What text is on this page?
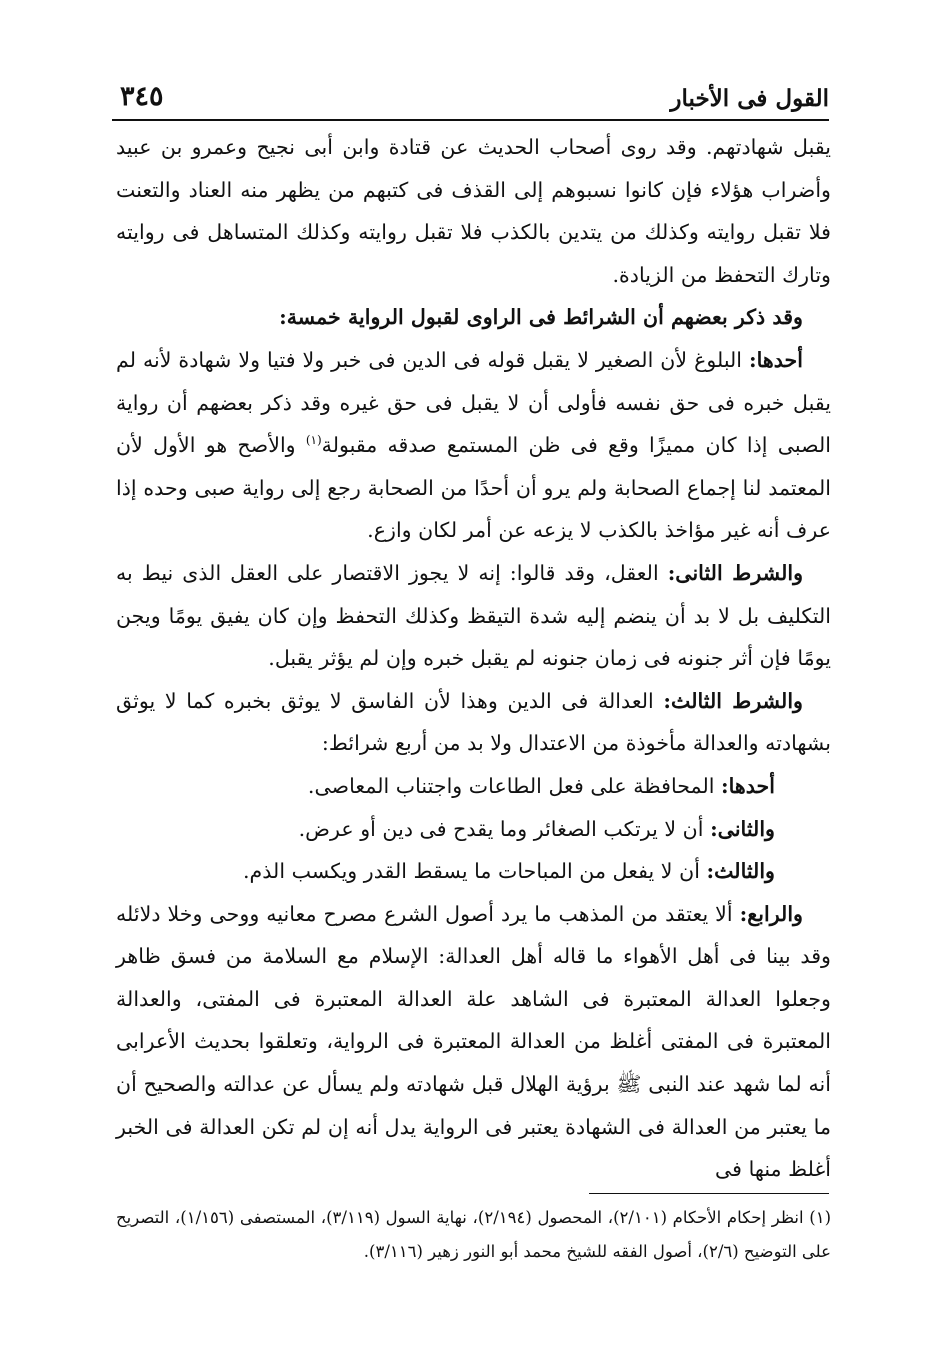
القول فى الأخبار
٣٤٥

يقبل شهادتهم. وقد روى أصحاب الحديث عن قتادة وابن أبى نجيح وعمرو بن عبيد وأضراب هؤلاء فإن كانوا نسبوهم إلى القذف فى كتبهم من يظهر منه العناد والتعنت فلا تقبل روايته وكذلك من يتدين بالكذب فلا تقبل روايته وكذلك المتساهل فى روايته وتارك التحفظ من الزيادة.

وقد ذكر بعضهم أن الشرائط فى الراوى لقبول الرواية خمسة:

أحدها: البلوغ لأن الصغير لا يقبل قوله فى الدين فى خبر ولا فتيا ولا شهادة لأنه لم يقبل خبره فى حق نفسه فأولى أن لا يقبل فى حق غيره وقد ذكر بعضهم أن رواية الصبى إذا كان مميزًا وقع فى ظن المستمع صدقه مقبولة$^{(١)}$ والأصح هو الأول لأن المعتمد لنا إجماع الصحابة ولم يرو أن أحدًا من الصحابة رجع إلى رواية صبى وحده إذا عرف أنه غير مؤاخذ بالكذب لا يزعه عن أمر لكان وازع.

والشرط الثانى: العقل، وقد قالوا: إنه لا يجوز الاقتصار على العقل الذى نيط به التكليف بل لا بد أن ينضم إليه شدة التيقظ وكذلك التحفظ وإن كان يفيق يومًا ويجن يومًا فإن أثر جنونه فى زمان جنونه لم يقبل خبره وإن لم يؤثر يقبل.

والشرط الثالث: العدالة فى الدين وهذا لأن الفاسق لا يوثق بخبره كما لا يوثق بشهادته والعدالة مأخوذة من الاعتدال ولا بد من أربع شرائط:

أحدها: المحافظة على فعل الطاعات واجتناب المعاصى.

والثانى: أن لا يرتكب الصغائر وما يقدح فى دين أو عرض.

والثالث: أن لا يفعل من المباحات ما يسقط القدر ويكسب الذم.

والرابع: ألا يعتقد من المذهب ما يرد أصول الشرع مصرح معانيه ووحى وخلا دلائله وقد بينا فى أهل الأهواء ما قاله أهل العدالة: الإسلام مع السلامة من فسق ظاهر وجعلوا العدالة المعتبرة فى الشاهد علة العدالة المعتبرة فى المفتى، والعدالة المعتبرة فى المفتى أغلظ من العدالة المعتبرة فى الرواية، وتعلقوا بحديث الأعرابى أنه لما شهد عند النبى ﷺ برؤية الهلال قبل شهادته ولم يسأل عن عدالته والصحيح أن ما يعتبر من العدالة فى الشهادة يعتبر فى الرواية يدل أنه إن لم تكن العدالة فى الخبر أغلظ منها فى

(١) انظر إحكام الأحكام (٢/١٠١)، المحصول (٢/١٩٤)، نهاية السول (٣/١١٩)، المستصفى (١/١٥٦)، التصريح على التوضيح (٢/٦)، أصول الفقه للشيخ محمد أبو النور زهير (٣/١١٦).
